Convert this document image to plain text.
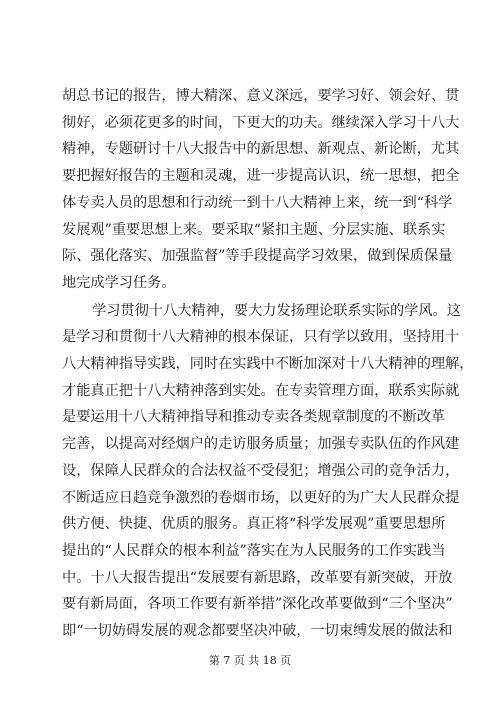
胡总书记的报告，博大精深、意义深远，要学习好、领会好、贯
彻好，必须花更多的时间，下更大的功夫。继续深入学习十八大
精神，专题研讨十八大报告中的新思想、新观点、新论断，尤其
要把握好报告的主题和灵魂，进一步提高认识，统一思想，把全
体专卖人员的思想和行动统一到十八大精神上来，统一到“科学
发展观”重要思想上来。要采取“紧扣主题、分层实施、联系实
际、强化落实、加强监督”等手段提高学习效果，做到保质保量
地完成学习任务。
学习贯彻十八大精神，要大力发扬理论联系实际的学风。这
是学习和贯彻十八大精神的根本保证，只有学以致用，坚持用十
八大精神指导实践，同时在实践中不断加深对十八大精神的理解，
才能真正把十八大精神落到实处。在专卖管理方面，联系实际就
是要运用十八大精神指导和推动专卖各类规章制度的不断改革
完善，以提高对经烟户的走访服务质量；加强专卖队伍的作风建
设，保障人民群众的合法权益不受侵犯；增强公司的竞争活力，
不断适应日趋竞争激烈的卷烟市场，以更好的为广大人民群众提
供方便、快捷、优质的服务。真正将“科学发展观”重要思想所
提出的“人民群众的根本利益”落实在为人民服务的工作实践当
中。十八大报告提出“发展要有新思路，改革要有新突破，开放
要有新局面，各项工作要有新举措”深化改革要做到“三个坚决”
即“一切妨碍发展的观念都要坚决冲破，一切束缚发展的做法和
第 7 页 共 18 页
